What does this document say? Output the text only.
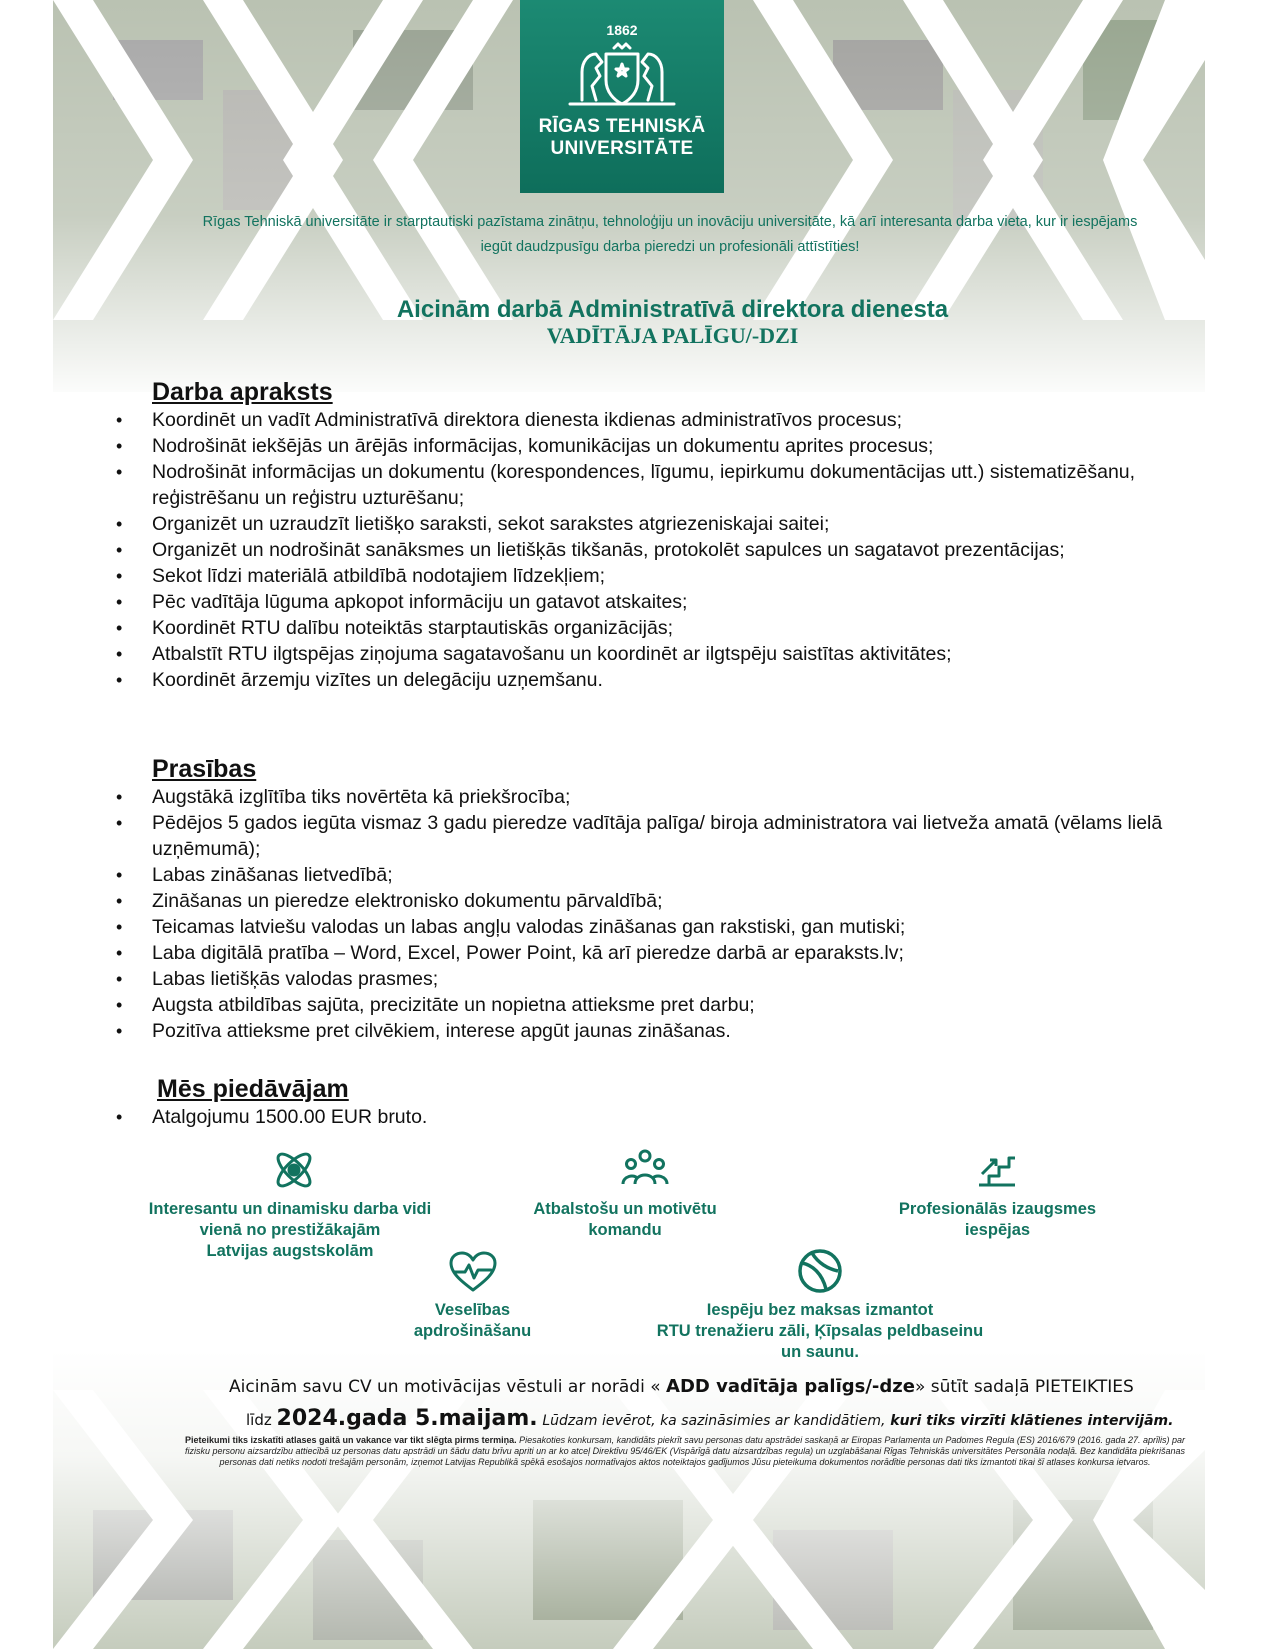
1862
RĪGAS TEHNISKĀ
UNIVERSITĀTE
Rīgas Tehniskā universitāte ir starptautiski pazīstama zinātņu, tehnoloģiju un inovāciju universitāte, kā arī interesanta darba vieta, kur ir iespējams
iegūt daudzpusīgu darba pieredzi un profesionāli attīstīties!
Aicinām darbā Administratīvā direktora dienesta
VADĪTĀJA PALĪGU/-DZI
Darba apraksts
• Koordinēt un vadīt Administratīvā direktora dienesta ikdienas administratīvos procesus;
• Nodrošināt iekšējās un ārējās informācijas, komunikācijas un dokumentu aprites procesus;
• Nodrošināt informācijas un dokumentu (korespondences, līgumu, iepirkumu dokumentācijas utt.) sistematizēšanu, reģistrēšanu un reģistru uzturēšanu;
• Organizēt un uzraudzīt lietišķo saraksti, sekot sarakstes atgriezeniskajai saitei;
• Organizēt un nodrošināt sanāksmes un lietišķās tikšanās, protokolēt sapulces un sagatavot prezentācijas;
• Sekot līdzi materiālā atbildībā nodotajiem līdzekļiem;
• Pēc vadītāja lūguma apkopot informāciju un gatavot atskaites;
• Koordinēt RTU dalību noteiktās starptautiskās organizācijās;
• Atbalstīt RTU ilgtspējas ziņojuma sagatavošanu un koordinēt ar ilgtspēju saistītas aktivitātes;
• Koordinēt ārzemju vizītes un delegāciju uzņemšanu.
Prasības
• Augstākā izglītība tiks novērtēta kā priekšrocība;
• Pēdējos 5 gados iegūta vismaz 3 gadu pieredze vadītāja palīga/ biroja administratora vai lietveža amatā (vēlams lielā uzņēmumā);
• Labas zināšanas lietvedībā;
• Zināšanas un pieredze elektronisko dokumentu pārvaldībā;
• Teicamas latviešu valodas un labas angļu valodas zināšanas gan rakstiski, gan mutiski;
• Laba digitālā pratība – Word, Excel, Power Point, kā arī pieredze darbā ar eparaksts.lv;
• Labas lietišķās valodas prasmes;
• Augsta atbildības sajūta, precizitāte un nopietna attieksme pret darbu;
• Pozitīva attieksme pret cilvēkiem, interese apgūt jaunas zināšanas.
Mēs piedāvājam
• Atalgojumu 1500.00 EUR bruto.
Interesantu un dinamisku darba vidi
vienā no prestižākajām
Latvijas augstskolām
Atbalstošu un motivētu
komandu
Profesionālās izaugsmes
iespējas
Veselības
apdrošināšanu
Iespēju bez maksas izmantot
RTU trenažieru zāli, Ķīpsalas peldbaseinu
un saunu.
Aicinām savu CV un motivācijas vēstuli ar norādi « ADD vadītāja palīgs/-dze» sūtīt sadaļā PIETEIKTIES
līdz 2024.gada 5.maijam. Lūdzam ievērot, ka sazināsimies ar kandidātiem, kuri tiks virzīti klātienes intervijām.
Pieteikumi tiks izskatīti atlases gaitā un vakance var tikt slēgta pirms termiņa. Piesakoties konkursam, kandidāts piekrīt savu personas datu apstrādei saskaņā ar Eiropas Parlamenta un Padomes Regula (ES) 2016/679 (2016. gada 27. aprīlis) par fizisku personu aizsardzību attiecībā uz personas datu apstrādi un šādu datu brīvu apriti un ar ko atceļ Direktīvu 95/46/EK (Vispārīgā datu aizsardzības regula) un uzglabāšanai Rīgas Tehniskās universitātes Personāla nodaļā. Bez kandidāta piekrišanas personas dati netiks nodoti trešajām personām, izņemot Latvijas Republikā spēkā esošajos normatīvajos aktos noteiktajos gadījumos Jūsu pieteikuma dokumentos norādītie personas dati tiks izmantoti tikai šī atlases konkursa ietvaros.
